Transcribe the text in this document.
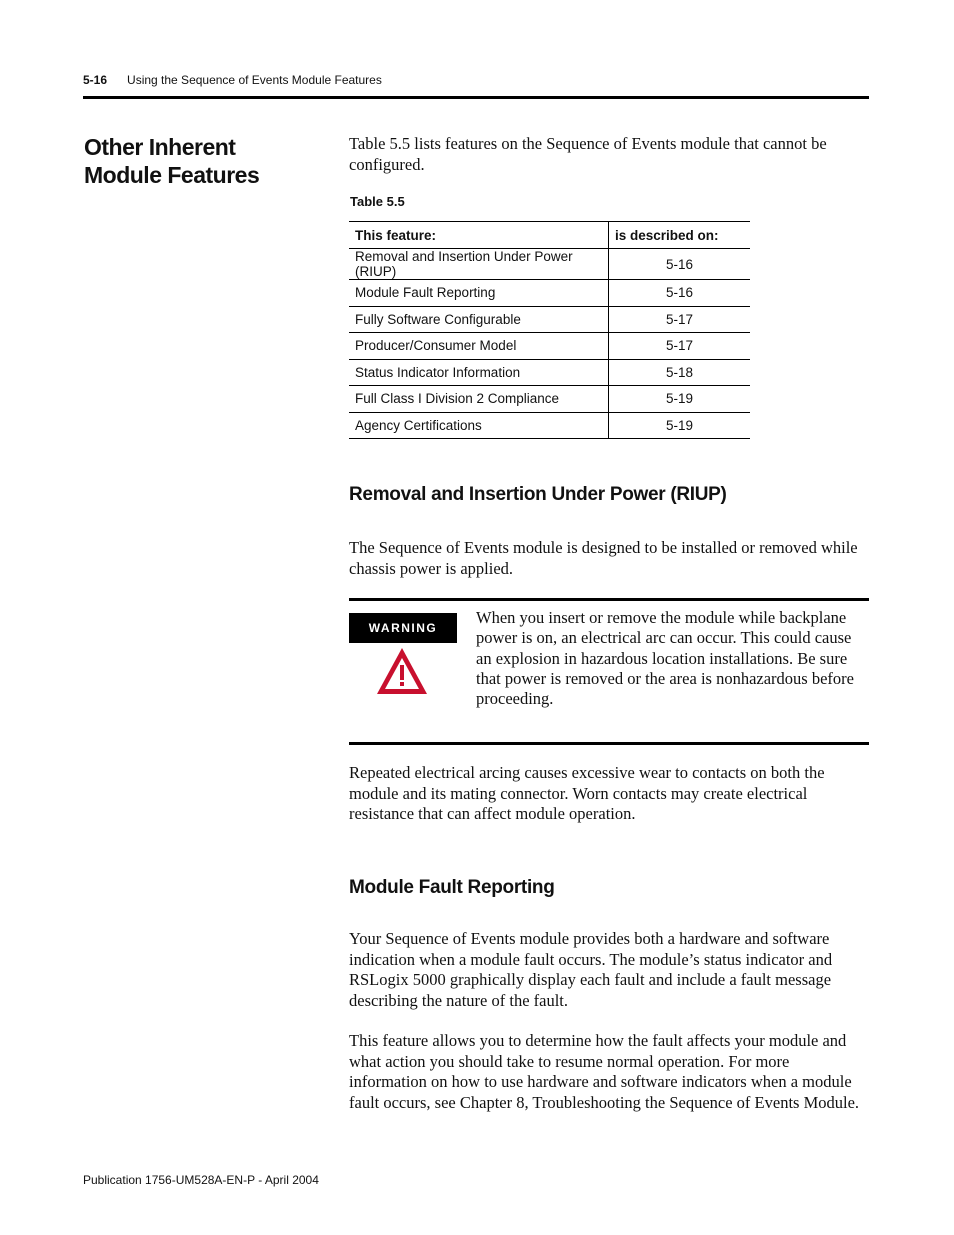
5-16 Using the Sequence of Events Module Features
Other Inherent
Module Features
Table 5.5 lists features on the Sequence of Events module that cannot be configured.
Table 5.5
This feature:	is described on:
Removal and Insertion Under Power (RIUP)	5-16
Module Fault Reporting	5-16
Fully Software Configurable	5-17
Producer/Consumer Model	5-17
Status Indicator Information	5-18
Full Class I Division 2 Compliance	5-19
Agency Certifications	5-19
Removal and Insertion Under Power (RIUP)
The Sequence of Events module is designed to be installed or removed while chassis power is applied.
WARNING
When you insert or remove the module while backplane power is on, an electrical arc can occur. This could cause an explosion in hazardous location installations. Be sure that power is removed or the area is nonhazardous before proceeding.
Repeated electrical arcing causes excessive wear to contacts on both the module and its mating connector. Worn contacts may create electrical resistance that can affect module operation.
Module Fault Reporting
Your Sequence of Events module provides both a hardware and software indication when a module fault occurs. The module’s status indicator and RSLogix 5000 graphically display each fault and include a fault message describing the nature of the fault.
This feature allows you to determine how the fault affects your module and what action you should take to resume normal operation. For more information on how to use hardware and software indicators when a module fault occurs, see Chapter 8, Troubleshooting the Sequence of Events Module.
Publication 1756-UM528A-EN-P - April 2004
